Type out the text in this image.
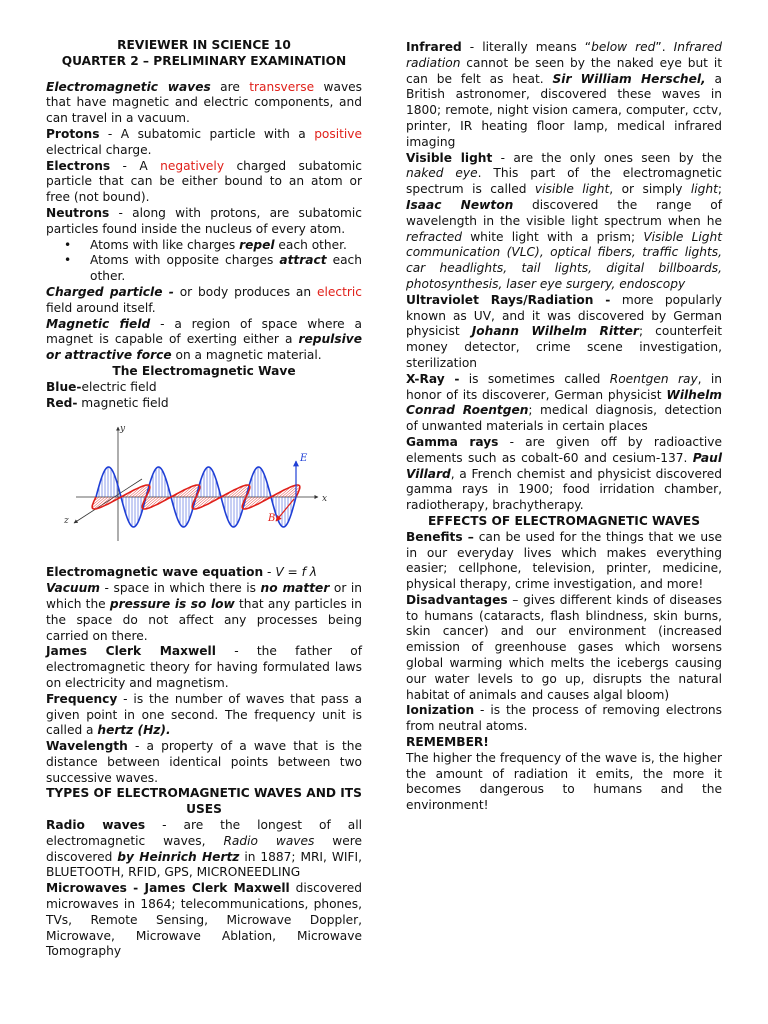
REVIEWER IN SCIENCE 10

QUARTER 2 – PRELIMINARY EXAMINATION

Electromagnetic waves are transverse waves that have magnetic and electric components, and can travel in a vacuum.

Protons - A subatomic particle with a positive electrical charge.

Electrons - A negatively charged subatomic particle that can be either bound to an atom or free (not bound).

Neutrons - along with protons, are subatomic particles found inside the nucleus of every atom.

• Atoms with like charges repel each other.
• Atoms with opposite charges attract each other.

Charged particle - or body produces an electric field around itself.

Magnetic field - a region of space where a magnet is capable of exerting either a repulsive or attractive force on a magnetic material.

The Electromagnetic Wave

Blue-electric field

Red- magnetic field

y
z
x
E
B

Electromagnetic wave equation - V = f λ

Vacuum - space in which there is no matter or in which the pressure is so low that any particles in the space do not affect any processes being carried on there.

James Clerk Maxwell - the father of electromagnetic theory for having formulated laws on electricity and magnetism.

Frequency - is the number of waves that pass a given point in one second. The frequency unit is called a hertz (Hz).

Wavelength - a property of a wave that is the distance between identical points between two successive waves.

TYPES OF ELECTROMAGNETIC WAVES AND ITS USES

Radio waves - are the longest of all electromagnetic waves, Radio waves were discovered by Heinrich Hertz in 1887; MRI, WIFI, BLUETOOTH, RFID, GPS, MICRONEEDLING

Microwaves - James Clerk Maxwell discovered microwaves in 1864; telecommunications, phones, TVs, Remote Sensing, Microwave Doppler, Microwave, Microwave Ablation, Microwave Tomography

Infrared - literally means “below red”. Infrared radiation cannot be seen by the naked eye but it can be felt as heat. Sir William Herschel, a British astronomer, discovered these waves in 1800; remote, night vision camera, computer, cctv, printer, IR heating floor lamp, medical infrared imaging

Visible light - are the only ones seen by the naked eye. This part of the electromagnetic spectrum is called visible light, or simply light; Isaac Newton discovered the range of wavelength in the visible light spectrum when he refracted white light with a prism; Visible Light communication (VLC), optical fibers, traffic lights, car headlights, tail lights, digital billboards, photosynthesis, laser eye surgery, endoscopy

Ultraviolet Rays/Radiation - more popularly known as UV, and it was discovered by German physicist Johann Wilhelm Ritter; counterfeit money detector, crime scene investigation, sterilization

X-Ray - is sometimes called Roentgen ray, in honor of its discoverer, German physicist Wilhelm Conrad Roentgen; medical diagnosis, detection of unwanted materials in certain places

Gamma rays - are given off by radioactive elements such as cobalt-60 and cesium-137. Paul Villard, a French chemist and physicist discovered gamma rays in 1900; food irridation chamber, radiotherapy, brachytherapy.

EFFECTS OF ELECTROMAGNETIC WAVES

Benefits – can be used for the things that we use in our everyday lives which makes everything easier; cellphone, television, printer, medicine, physical therapy, crime investigation, and more!

Disadvantages – gives different kinds of diseases to humans (cataracts, flash blindness, skin burns, skin cancer) and our environment (increased emission of greenhouse gases which worsens global warming which melts the icebergs causing our water levels to go up, disrupts the natural habitat of animals and causes algal bloom)

Ionization - is the process of removing electrons from neutral atoms.

REMEMBER!

The higher the frequency of the wave is, the higher the amount of radiation it emits, the more it becomes dangerous to humans and the environment!
